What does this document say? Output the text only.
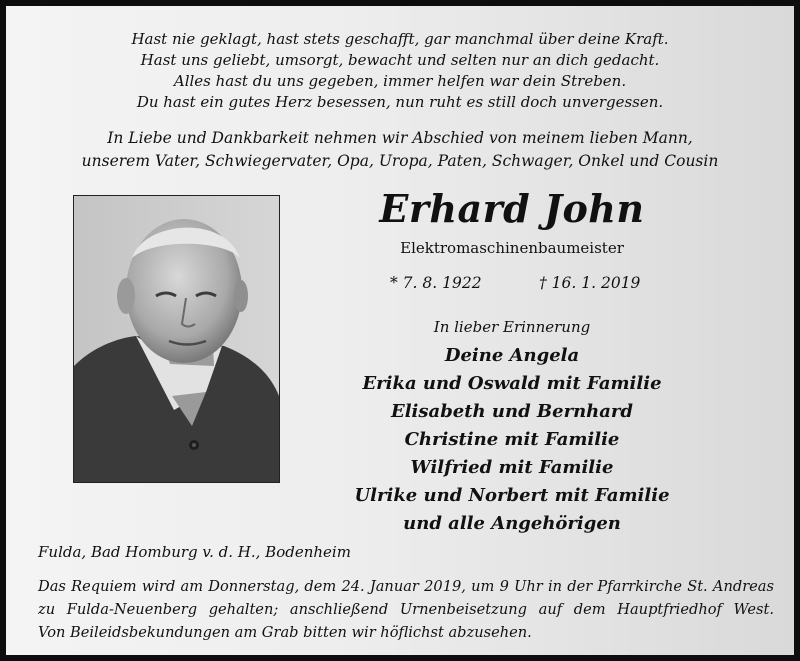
Hast nie geklagt, hast stets geschafft, gar manchmal über deine Kraft.
Hast uns geliebt, umsorgt, bewacht und selten nur an dich gedacht.
Alles hast du uns gegeben, immer helfen war dein Streben.
Du hast ein gutes Herz besessen, nun ruht es still doch unvergessen.
In Liebe und Dankbarkeit nehmen wir Abschied von meinem lieben Mann,
unserem Vater, Schwiegervater, Opa, Uropa, Paten, Schwager, Onkel und Cousin
Erhard John
Elektromaschinenbaumeister
* 7. 8. 1922	† 16. 1. 2019
In lieber Erinnerung
Deine Angela
Erika und Oswald mit Familie
Elisabeth und Bernhard
Christine mit Familie
Wilfried mit Familie
Ulrike und Norbert mit Familie
und alle Angehörigen
Fulda, Bad Homburg v. d. H., Bodenheim
Das Requiem wird am Donnerstag, dem 24. Januar 2019, um 9 Uhr in der Pfarrkirche St. Andreas
zu Fulda-Neuenberg gehalten; anschließend Urnenbeisetzung auf dem Hauptfriedhof West.
Von Beileidsbekundungen am Grab bitten wir höflichst abzusehen.
